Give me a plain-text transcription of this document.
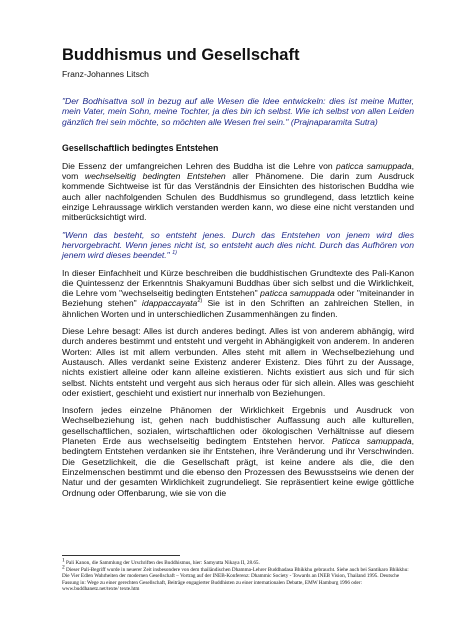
Buddhismus und Gesellschaft
Franz-Johannes Litsch

"Der Bodhisattva soll in bezug auf alle Wesen die Idee entwickeln: dies ist meine Mutter, mein Vater, mein Sohn, meine Tochter, ja dies bin ich selbst. Wie ich selbst von allen Leiden gänzlich frei sein möchte, so möchten alle Wesen frei sein." (Prajnaparamita Sutra)

Gesellschaftlich bedingtes Entstehen

Die Essenz der umfangreichen Lehren des Buddha ist die Lehre von paticca samuppada, vom wechselseitig bedingten Entstehen aller Phänomene. Die darin zum Ausdruck kommende Sichtweise ist für das Verständnis der Einsichten des historischen Buddha wie auch aller nachfolgenden Schulen des Buddhismus so grundlegend, dass letztlich keine einzige Lehraussage wirklich verstanden werden kann, wo diese eine nicht verstanden und mitberücksichtigt wird.

"Wenn das besteht, so entsteht jenes. Durch das Entstehen von jenem wird dies hervorgebracht. Wenn jenes nicht ist, so entsteht auch dies nicht. Durch das Aufhören von jenem wird dieses beendet." $^{1)}$

In dieser Einfachheit und Kürze beschreiben die buddhistischen Grundtexte des Pali-Kanon die Quintessenz der Erkenntnis Shakyamuni Buddhas über sich selbst und die Wirklichkeit, die Lehre vom "wechselseitig bedingten Entstehen" paticca samuppada oder "miteinander in Beziehung stehen" idappaccayata$^{2)}$ Sie ist in den Schriften an zahlreichen Stellen, in ähnlichen Worten und in unterschiedlichen Zusammenhängen zu finden.

Diese Lehre besagt: Alles ist durch anderes bedingt. Alles ist von anderem abhängig, wird durch anderes bestimmt und entsteht und vergeht in Abhängigkeit von anderem. In anderen Worten: Alles ist mit allem verbunden. Alles steht mit allem in Wechselbeziehung und Austausch. Alles verdankt seine Existenz anderer Existenz. Dies führt zu der Aussage, nichts existiert alleine oder kann alleine existieren. Nichts existiert aus sich und für sich selbst. Nichts entsteht und vergeht aus sich heraus oder für sich allein. Alles was geschieht oder existiert, geschieht und existiert nur innerhalb von Beziehungen.

Insofern jedes einzelne Phänomen der Wirklichkeit Ergebnis und Ausdruck von Wechselbeziehung ist, gehen nach buddhistischer Auffassung auch alle kulturellen, gesellschaftlichen, sozialen, wirtschaftlichen oder ökologischen Verhältnisse auf diesem Planeten Erde aus wechselseitig bedingtem Entstehen hervor. Paticca samuppada, bedingtem Entstehen verdanken sie ihr Entstehen, ihre Veränderung und ihr Verschwinden. Die Gesetzlichkeit, die die Gesellschaft prägt, ist keine andere als die, die den Einzelmenschen bestimmt und die ebenso den Prozessen des Bewusstseins wie denen der Natur und der gesamten Wirklichkeit zugrundeliegt. Sie repräsentiert keine ewige göttliche Ordnung oder Offenbarung, wie sie von die

$^1$ Pali Kanon, die Sammlung der Urschriften des Buddhismus, hier: Samyutta Nikaya II, 28.65.

$^2$ Dieser Pali-Begriff wurde in neuerer Zeit insbesondere von dem thailändischen Dhamma-Lehrer Buddhadasa Bhikkhu gebraucht. Siehe auch bei Santikaro Bhikkhu: Die Vier Edlen Wahrheiten der modernen Gesellschaft – Vortrag auf der INEB-Konferenz: Dhammic Society - Towards an INEB Vision, Thailand 1995. Deutsche Fassung in: Wege zu einer gerechten Gesellschaft, Beiträge engagierter Buddhisten zu einer internationalen Debatte, EMW Hamburg 1996 oder: www.buddhanetz.net/texte/ texte.htm
